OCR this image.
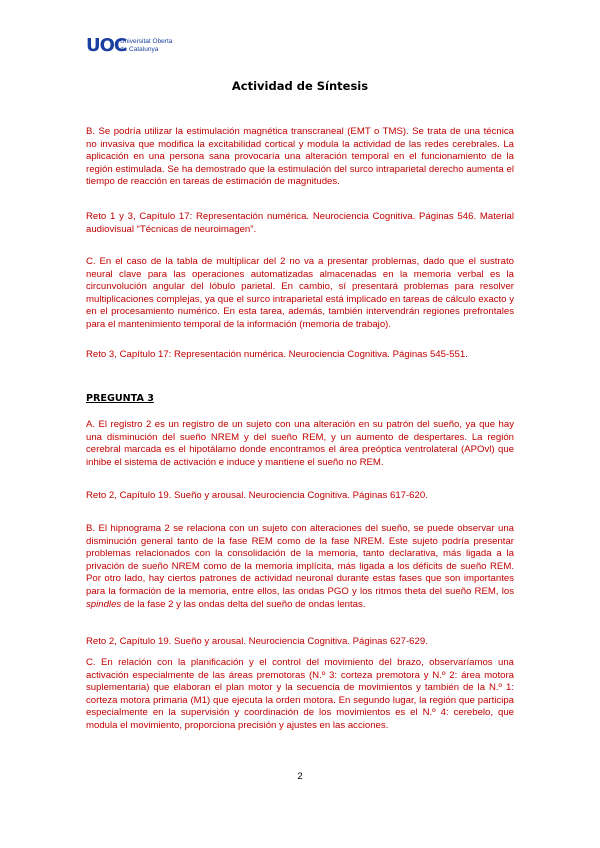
UOC
Universitat Oberta
de Catalunya
Actividad de Síntesis

B. Se podría utilizar la estimulación magnética transcraneal (EMT o TMS). Se trata de una técnica no invasiva que modifica la excitabilidad cortical y modula la actividad de las redes cerebrales. La aplicación en una persona sana provocaría una alteración temporal en el funcionamiento de la región estimulada. Se ha demostrado que la estimulación del surco intraparietal derecho aumenta el tiempo de reacción en tareas de estimación de magnitudes.

Reto 1 y 3, Capítulo 17: Representación numérica. Neurociencia Cognitiva. Páginas 546. Material audiovisual “Técnicas de neuroimagen”.

C. En el caso de la tabla de multiplicar del 2 no va a presentar problemas, dado que el sustrato neural clave para las operaciones automatizadas almacenadas en la memoria verbal es la circunvolución angular del lóbulo parietal. En cambio, sí presentará problemas para resolver multiplicaciones complejas, ya que el surco intraparietal está implicado en tareas de cálculo exacto y en el procesamiento numérico. En esta tarea, además, también intervendrán regiones prefrontales para el mantenimiento temporal de la información (memoria de trabajo).

Reto 3, Capítulo 17: Representación numérica. Neurociencia Cognitiva. Páginas 545-551.

PREGUNTA 3

A. El registro 2 es un registro de un sujeto con una alteración en su patrón del sueño, ya que hay una disminución del sueño NREM y del sueño REM, y un aumento de despertares. La región cerebral marcada es el hipotálamo donde encontramos el área preóptica ventrolateral (APOvl) que inhibe el sistema de activación e induce y mantiene el sueño no REM.

Reto 2, Capítulo 19. Sueño y arousal. Neurociencia Cognitiva. Páginas 617-620.

B. El hipnograma 2 se relaciona con un sujeto con alteraciones del sueño, se puede observar una disminución general tanto de la fase REM como de la fase NREM. Este sujeto podría presentar problemas relacionados con la consolidación de la memoria, tanto declarativa, más ligada a la privación de sueño NREM como de la memoria implícita, más ligada a los déficits de sueño REM. Por otro lado, hay ciertos patrones de actividad neuronal durante estas fases que son importantes para la formación de la memoria, entre ellos, las ondas PGO y los ritmos theta del sueño REM, los spindles de la fase 2 y las ondas delta del sueño de ondas lentas.

Reto 2, Capítulo 19. Sueño y arousal. Neurociencia Cognitiva. Páginas 627-629.

C. En relación con la planificación y el control del movimiento del brazo, observaríamos una activación especialmente de las áreas premotoras (N.º 3: corteza premotora y N.º 2: área motora suplementaria) que elaboran el plan motor y la secuencia de movimientos y también de la N.º 1: corteza motora primaria (M1) que ejecuta la orden motora. En segundo lugar, la región que participa especialmente en la supervisión y coordinación de los movimientos es el N.º 4: cerebelo, que modula el movimiento, proporciona precisión y ajustes en las acciones.

2
